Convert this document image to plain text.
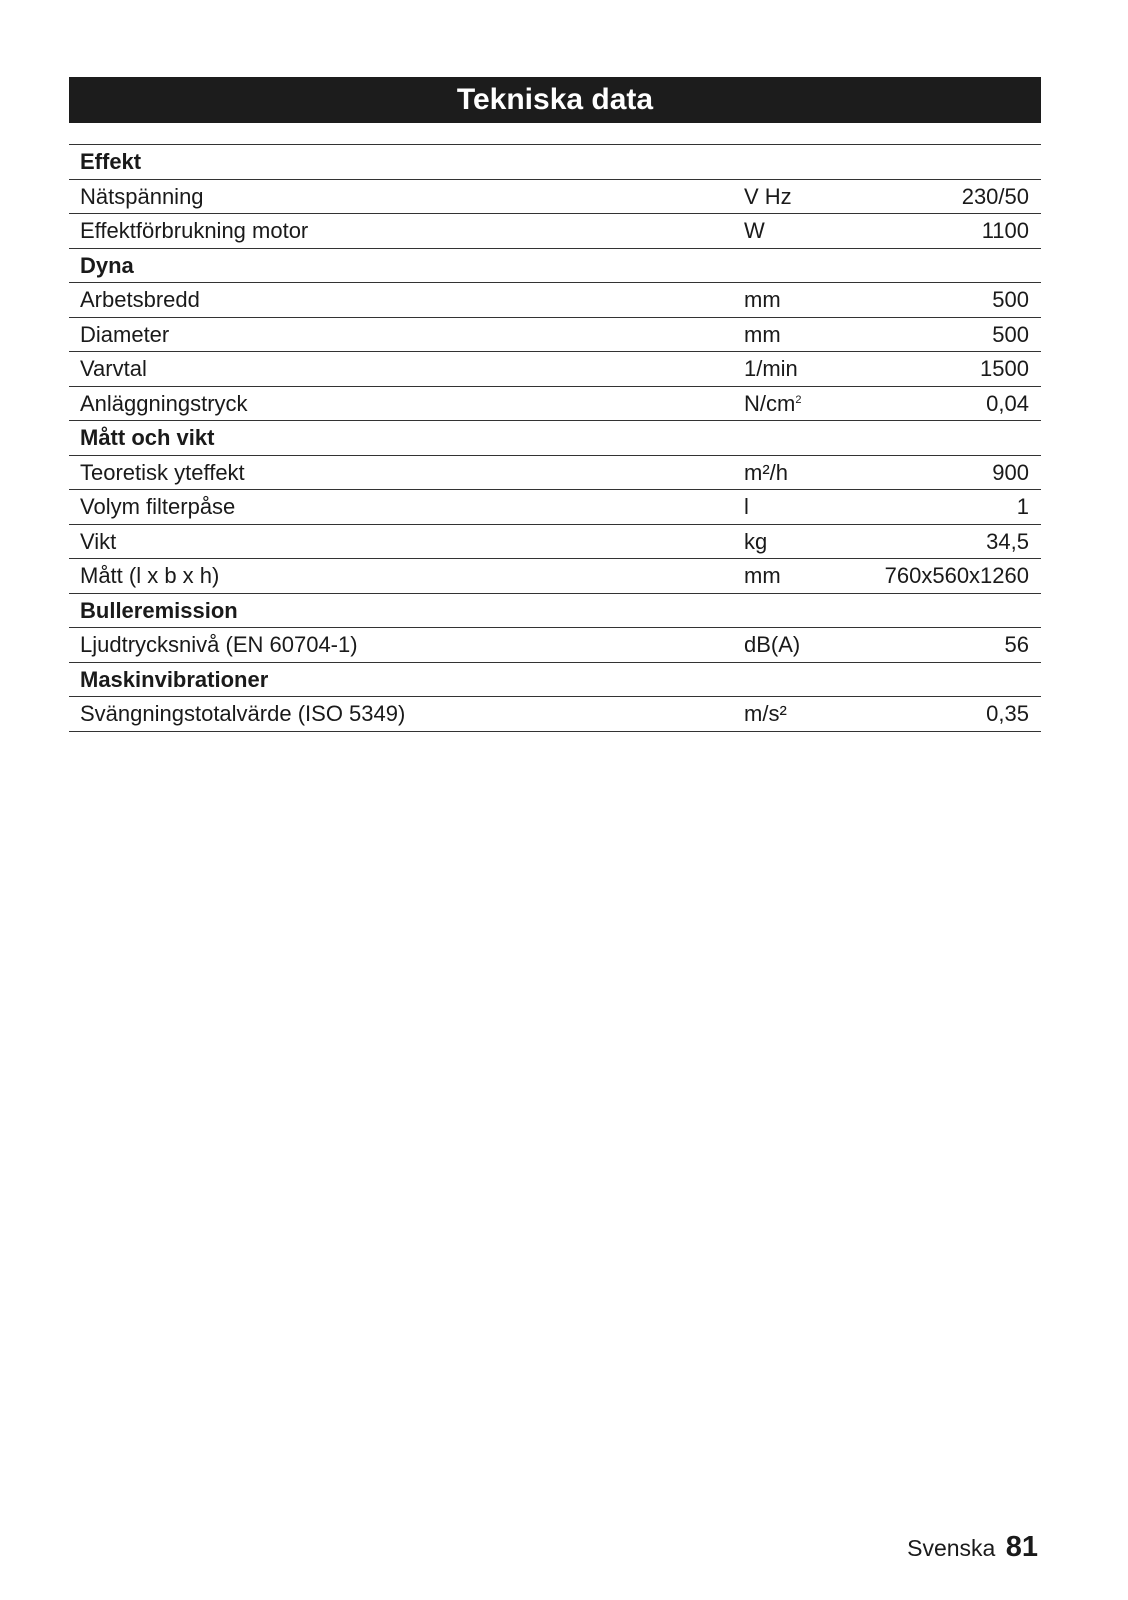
Tekniska data
Effekt
Nätspänning	V Hz	230/50
Effektförbrukning motor	W	1100
Dyna
Arbetsbredd	mm	500
Diameter	mm	500
Varvtal	1/min	1500
Anläggningstryck	$N/cm^2$	0,04
Mått och vikt
Teoretisk yteffekt	m²/h	900
Volym filterpåse	l	1
Vikt	kg	34,5
Mått (l x b x h)	mm	760x560x1260
Bulleremission
Ljudtrycksnivå (EN 60704-1)	dB(A)	56
Maskinvibrationer
Svängningstotalvärde (ISO 5349)	m/s²	0,35
Svenska 81
